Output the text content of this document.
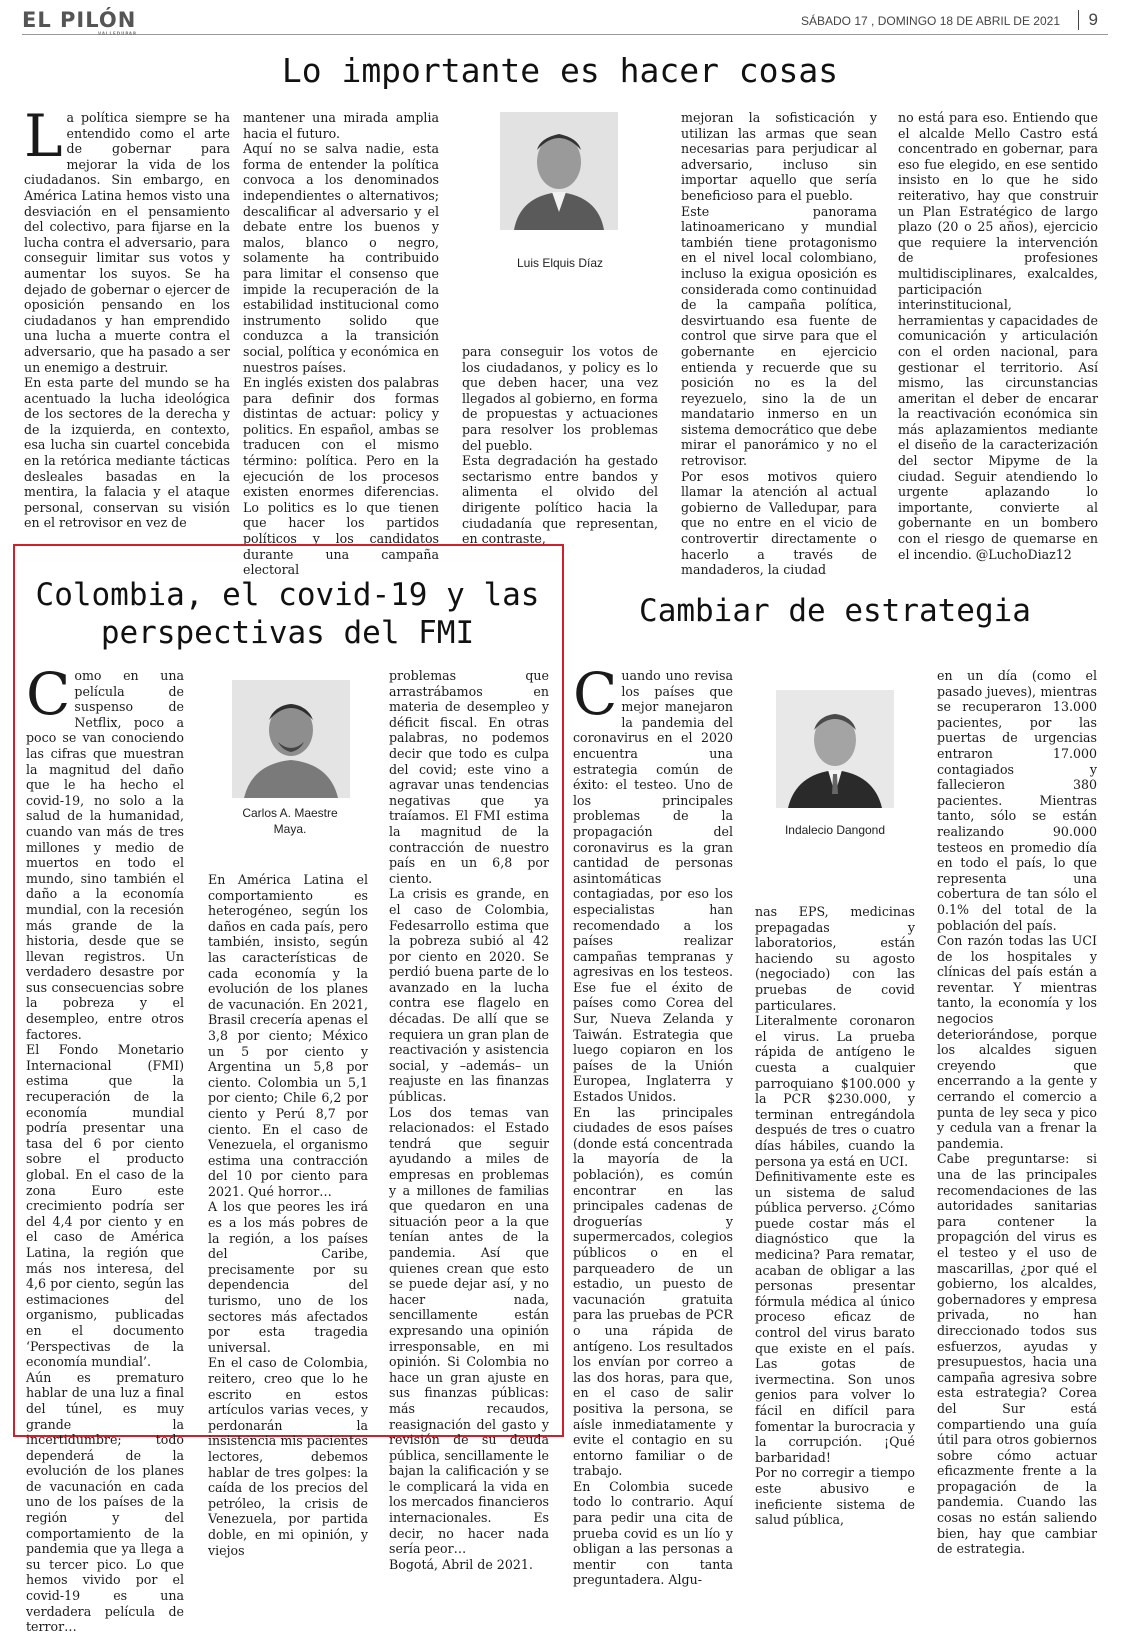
EL PILÓN
VALLEDUPAR
SÁBADO 17 , DOMINGO 18 DE ABRIL DE 2021	9
Lo importante es hacer cosas
L a política siempre se ha entendido como el arte de gobernar para mejorar la vida de los ciudadanos. Sin embargo, en América Latina hemos visto una desviación en el pensamiento del colectivo, para fijarse en la lucha contra el adversario, para conseguir limitar sus votos y aumentar los suyos. Se ha dejado de gobernar o ejercer de oposición pensando en los ciudadanos y han emprendido una lucha a muerte contra el adversario, que ha pasado a ser un enemigo a destruir.

En esta parte del mundo se ha acentuado la lucha ideológica de los sectores de la derecha y de la izquierda, en contexto, esa lucha sin cuartel concebida en la retórica mediante tácticas desleales basadas en la mentira, la falacia y el ataque personal, conservan su visión en el retrovisor en vez de

mantener una mirada amplia hacia el futuro.

Aquí no se salva nadie, esta forma de entender la política convoca a los denominados independientes o alternativos; descalificar al adversario y el debate entre los buenos y malos, blanco o negro, solamente ha contribuido para limitar el consenso que impide la recuperación de la estabilidad institucional como instrumento solido que conduzca a la transición social, política y económica en nuestros países.

En inglés existen dos palabras para definir dos formas distintas de actuar: policy y politics. En español, ambas se traducen con el mismo término: política. Pero en la ejecución de los procesos existen enormes diferencias. Lo politics es lo que tienen que hacer los partidos políticos y los candidatos durante una campaña electoral

Luis Elquis Díaz

para conseguir los votos de los ciudadanos, y policy es lo que deben hacer, una vez llegados al gobierno, en forma de propuestas y actuaciones para resolver los problemas del pueblo.

Esta degradación ha gestado sectarismo entre bandos y alimenta el olvido del dirigente político hacia la ciudadanía que representan, en contraste,

mejoran la sofisticación y utilizan las armas que sean necesarias para perjudicar al adversario, incluso sin importar aquello que sería beneficioso para el pueblo.

Este panorama latinoamericano y mundial también tiene protagonismo en el nivel local colombiano, incluso la exigua oposición es considerada como continuidad de la campaña política, desvirtuando esa fuente de control que sirve para que el gobernante en ejercicio entienda y recuerde que su posición no es la del reyezuelo, sino la de un mandatario inmerso en un sistema democrático que debe mirar el panorámico y no el retrovisor.

Por esos motivos quiero llamar la atención al actual gobierno de Valledupar, para que no entre en el vicio de controvertir directamente o hacerlo a través de mandaderos, la ciudad

no está para eso. Entiendo que el alcalde Mello Castro está concentrado en gobernar, para eso fue elegido, en ese sentido insisto en lo que he sido reiterativo, hay que construir un Plan Estratégico de largo plazo (20 o 25 años), ejercicio que requiere la intervención de profesiones multidisciplinares, exalcaldes, participación interinstitucional, herramientas y capacidades de comunicación y articulación con el orden nacional, para gestionar el territorio. Así mismo, las circunstancias ameritan el deber de encarar la reactivación económica sin más aplazamientos mediante el diseño de la caracterización del sector Mipyme de la ciudad. Seguir atendiendo lo urgente aplazando lo importante, convierte al gobernante en un bombero con el riesgo de quemarse en el incendio. @LuchoDiaz12

Colombia, el covid-19 y las
perspectivas del FMI
C omo en una película de suspenso de Netflix, poco a poco se van conociendo las cifras que muestran la magnitud del daño que le ha hecho el covid-19, no solo a la salud de la humanidad, cuando van más de tres millones y medio de muertos en todo el mundo, sino también el daño a la economía mundial, con la recesión más grande de la historia, desde que se llevan registros. Un verdadero desastre por sus consecuencias sobre la pobreza y el desempleo, entre otros factores.

El Fondo Monetario Internacional (FMI) estima que la recuperación de la economía mundial podría presentar una tasa del 6 por ciento sobre el producto global. En el caso de la zona Euro este crecimiento podría ser del 4,4 por ciento y en el caso de América Latina, la región que más nos interesa, del 4,6 por ciento, según las estimaciones del organismo, publicadas en el documento ‘Perspectivas de la economía mundial’.

Aún es prematuro hablar de una luz a final del túnel, es muy grande la incertidumbre; todo dependerá de la evolución de los planes de vacunación en cada uno de los países de la región y del comportamiento de la pandemia que ya llega a su tercer pico. Lo que hemos vivido por el covid-19 es una verdadera película de terror…

Carlos A. Maestre
Maya.

En América Latina el comportamiento es heterogéneo, según los daños en cada país, pero también, insisto, según las características de cada economía y la evolución de los planes de vacunación. En 2021, Brasil crecería apenas el 3,8 por ciento; México un 5 por ciento y Argentina un 5,8 por ciento. Colombia un 5,1 por ciento; Chile 6,2 por ciento y Perú 8,7 por ciento. En el caso de Venezuela, el organismo estima una contracción del 10 por ciento para 2021. Qué horror…

A los que peores les irá es a los más pobres de la región, a los países del Caribe, precisamente por su dependencia del turismo, uno de los sectores más afectados por esta tragedia universal.

En el caso de Colombia, reitero, creo que lo he escrito en estos artículos varias veces, y perdonarán la insistencia mis pacientes lectores, debemos hablar de tres golpes: la caída de los precios del petróleo, la crisis de Venezuela, por partida doble, en mi opinión, y viejos

problemas que arrastrábamos en materia de desempleo y déficit fiscal. En otras palabras, no podemos decir que todo es culpa del covid; este vino a agravar unas tendencias negativas que ya traíamos. El FMI estima la magnitud de la contracción de nuestro país en un 6,8 por ciento.

La crisis es grande, en el caso de Colombia, Fedesarrollo estima que la pobreza subió al 42 por ciento en 2020. Se perdió buena parte de lo avanzado en la lucha contra ese flagelo en décadas. De allí que se requiera un gran plan de reactivación y asistencia social, y –además– un reajuste en las finanzas públicas.

Los dos temas van relacionados: el Estado tendrá que seguir ayudando a miles de empresas en problemas y a millones de familias que quedaron en una situación peor a la que tenían antes de la pandemia. Así que quienes crean que esto se puede dejar así, y no hacer nada, sencillamente están expresando una opinión irresponsable, en mi opinión. Si Colombia no hace un gran ajuste en sus finanzas públicas: más recaudos, reasignación del gasto y revisión de su deuda pública, sencillamente le bajan la calificación y se le complicará la vida en los mercados financieros internacionales. Es decir, no hacer nada sería peor…

Bogotá, Abril de 2021.

Cambiar de estrategia
C uando uno revisa los países que mejor manejaron la pandemia del coronavirus en el 2020 encuentra una estrategia común de éxito: el testeo. Uno de los principales problemas de la propagación del coronavirus es la gran cantidad de personas asintomáticas contagiadas, por eso los especialistas han recomendado a los países realizar campañas tempranas y agresivas en los testeos. Ese fue el éxito de países como Corea del Sur, Nueva Zelanda y Taiwán. Estrategia que luego copiaron en los países de la Unión Europea, Inglaterra y Estados Unidos.

En las principales ciudades de esos países (donde está concentrada la mayoría de la población), es común encontrar en las principales cadenas de droguerías y supermercados, colegios públicos o en el parqueadero de un estadio, un puesto de vacunación gratuita para las pruebas de PCR o una rápida de antígeno. Los resultados los envían por correo a las dos horas, para que, en el caso de salir positiva la persona, se aísle inmediatamente y evite el contagio en su entorno familiar o de trabajo.

En Colombia sucede todo lo contrario. Aquí para pedir una cita de prueba covid es un lío y obligan a las personas a mentir con tanta preguntadera. Algu-

Indalecio Dangond

nas EPS, medicinas prepagadas y laboratorios, están haciendo su agosto (negociado) con las pruebas de covid particulares. Literalmente coronaron el virus. La prueba rápida de antígeno le cuesta a cualquier parroquiano $100.000 y la PCR $230.000, y terminan entregándola después de tres o cuatro días hábiles, cuando la persona ya está en UCI.

Definitivamente este es un sistema de salud pública perverso. ¿Cómo puede costar más el diagnóstico que la medicina? Para rematar, acaban de obligar a las personas presentar fórmula médica al único proceso eficaz de control del virus barato que existe en el país. Las gotas de ivermectina. Son unos genios para volver lo fácil en difícil para fomentar la burocracia y la corrupción. ¡Qué barbaridad!

Por no corregir a tiempo este abusivo e ineficiente sistema de salud pública,

en un día (como el pasado jueves), mientras se recuperaron 13.000 pacientes, por las puertas de urgencias entraron 17.000 contagiados y fallecieron 380 pacientes. Mientras tanto, sólo se están realizando 90.000 testeos en promedio día en todo el país, lo que representa una cobertura de tan sólo el 0.1% del total de la población del país.

Con razón todas las UCI de los hospitales y clínicas del país están a reventar. Y mientras tanto, la economía y los negocios deteriorándose, porque los alcaldes siguen creyendo que encerrando a la gente y cerrando el comercio a punta de ley seca y pico y cedula van a frenar la pandemia.

Cabe preguntarse: si una de las principales recomendaciones de las autoridades sanitarias para contener la propagción del virus es el testeo y el uso de mascarillas, ¿por qué el gobierno, los alcaldes, gobernadores y empresa privada, no han direccionado todos sus esfuerzos, ayudas y presupuestos, hacia una campaña agresiva sobre esta estrategia? Corea del Sur está compartiendo una guía útil para otros gobiernos sobre cómo actuar eficazmente frente a la propagación de la pandemia. Cuando las cosas no están saliendo bien, hay que cambiar de estrategia.
